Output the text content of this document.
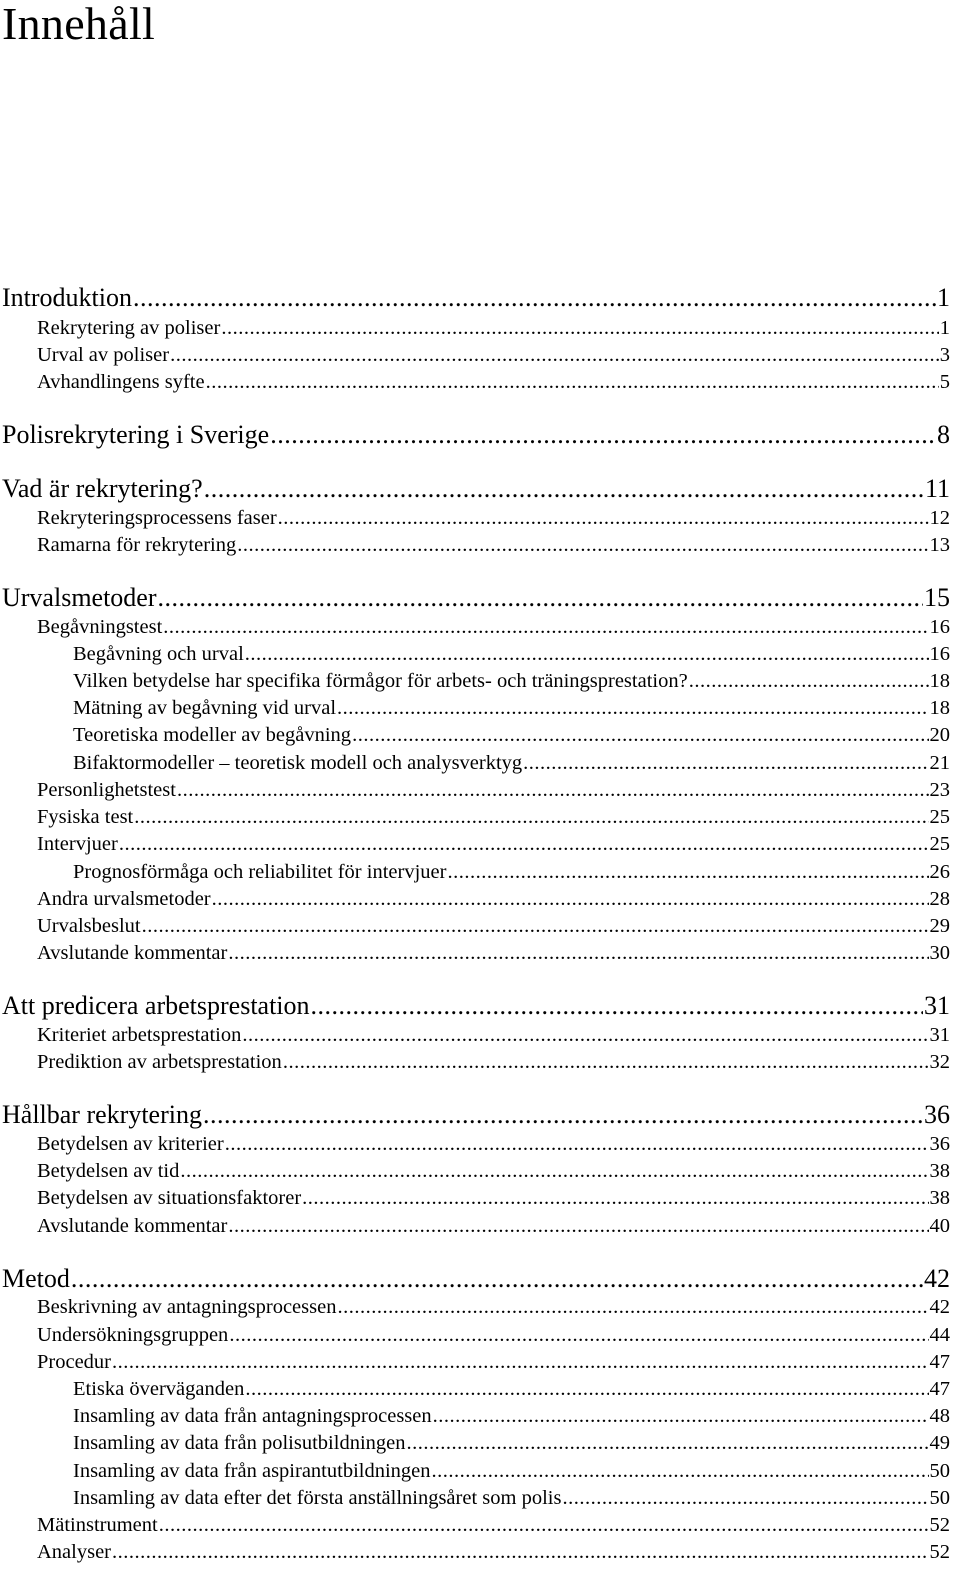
Innehåll
Introduktion .....	1
Rekrytering av poliser .....	1
Urval av poliser .....	3
Avhandlingens syfte .....	5
Polisrekrytering i Sverige .....	8
Vad är rekrytering? .....	11
Rekryteringsprocessens faser .....	12
Ramarna för rekrytering .....	13
Urvalsmetoder .....	15
Begåvningstest .....	16
Begåvning och urval .....	16
Vilken betydelse har specifika förmågor för arbets- och träningsprestation? .....	18
Mätning av begåvning vid urval .....	18
Teoretiska modeller av begåvning .....	20
Bifaktormodeller – teoretisk modell och analysverktyg .....	21
Personlighetstest .....	23
Fysiska test .....	25
Intervjuer .....	25
Prognosförmåga och reliabilitet för intervjuer .....	26
Andra urvalsmetoder .....	28
Urvalsbeslut .....	29
Avslutande kommentar .....	30
Att predicera arbetsprestation .....	31
Kriteriet arbetsprestation .....	31
Prediktion av arbetsprestation .....	32
Hållbar rekrytering .....	36
Betydelsen av kriterier .....	36
Betydelsen av tid .....	38
Betydelsen av situationsfaktorer .....	38
Avslutande kommentar .....	40
Metod .....	42
Beskrivning av antagningsprocessen .....	42
Undersökningsgruppen .....	44
Procedur .....	47
Etiska överväganden .....	47
Insamling av data från antagningsprocessen .....	48
Insamling av data från polisutbildningen .....	49
Insamling av data från aspirantutbildningen .....	50
Insamling av data efter det första anställningsåret som polis .....	50
Mätinstrument .....	52
Analyser .....	52
